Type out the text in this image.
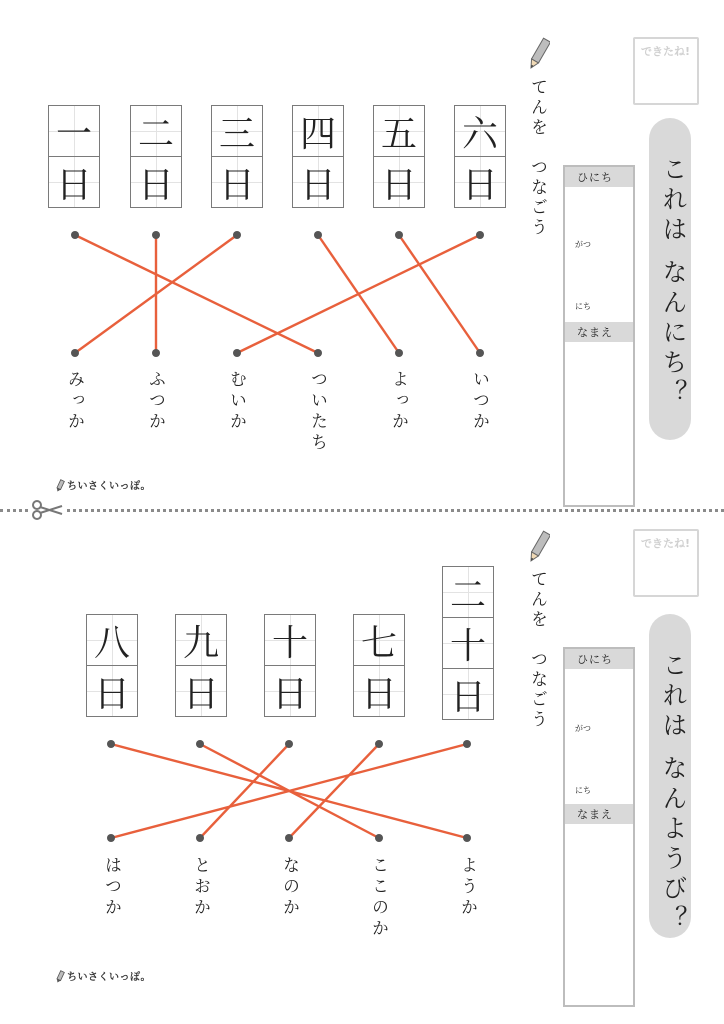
一
日
二
日
三
日
四
日
五
日
六
日
みっか	ふつか	むいか	ついたち	よっか	いつか
てんを　つなごう
できたね!
ひにち
がつ
にち
なまえ	これは なんにち？
ちいさくいっぽ。
八
日
九
日
十
日
七
日
二
十
日
はつか	とおか	なのか	ここのか	ようか
てんを　つなごう
できたね!
ひにち
がつ
にち
なまえ	これは なんようび？
ちいさくいっぽ。
